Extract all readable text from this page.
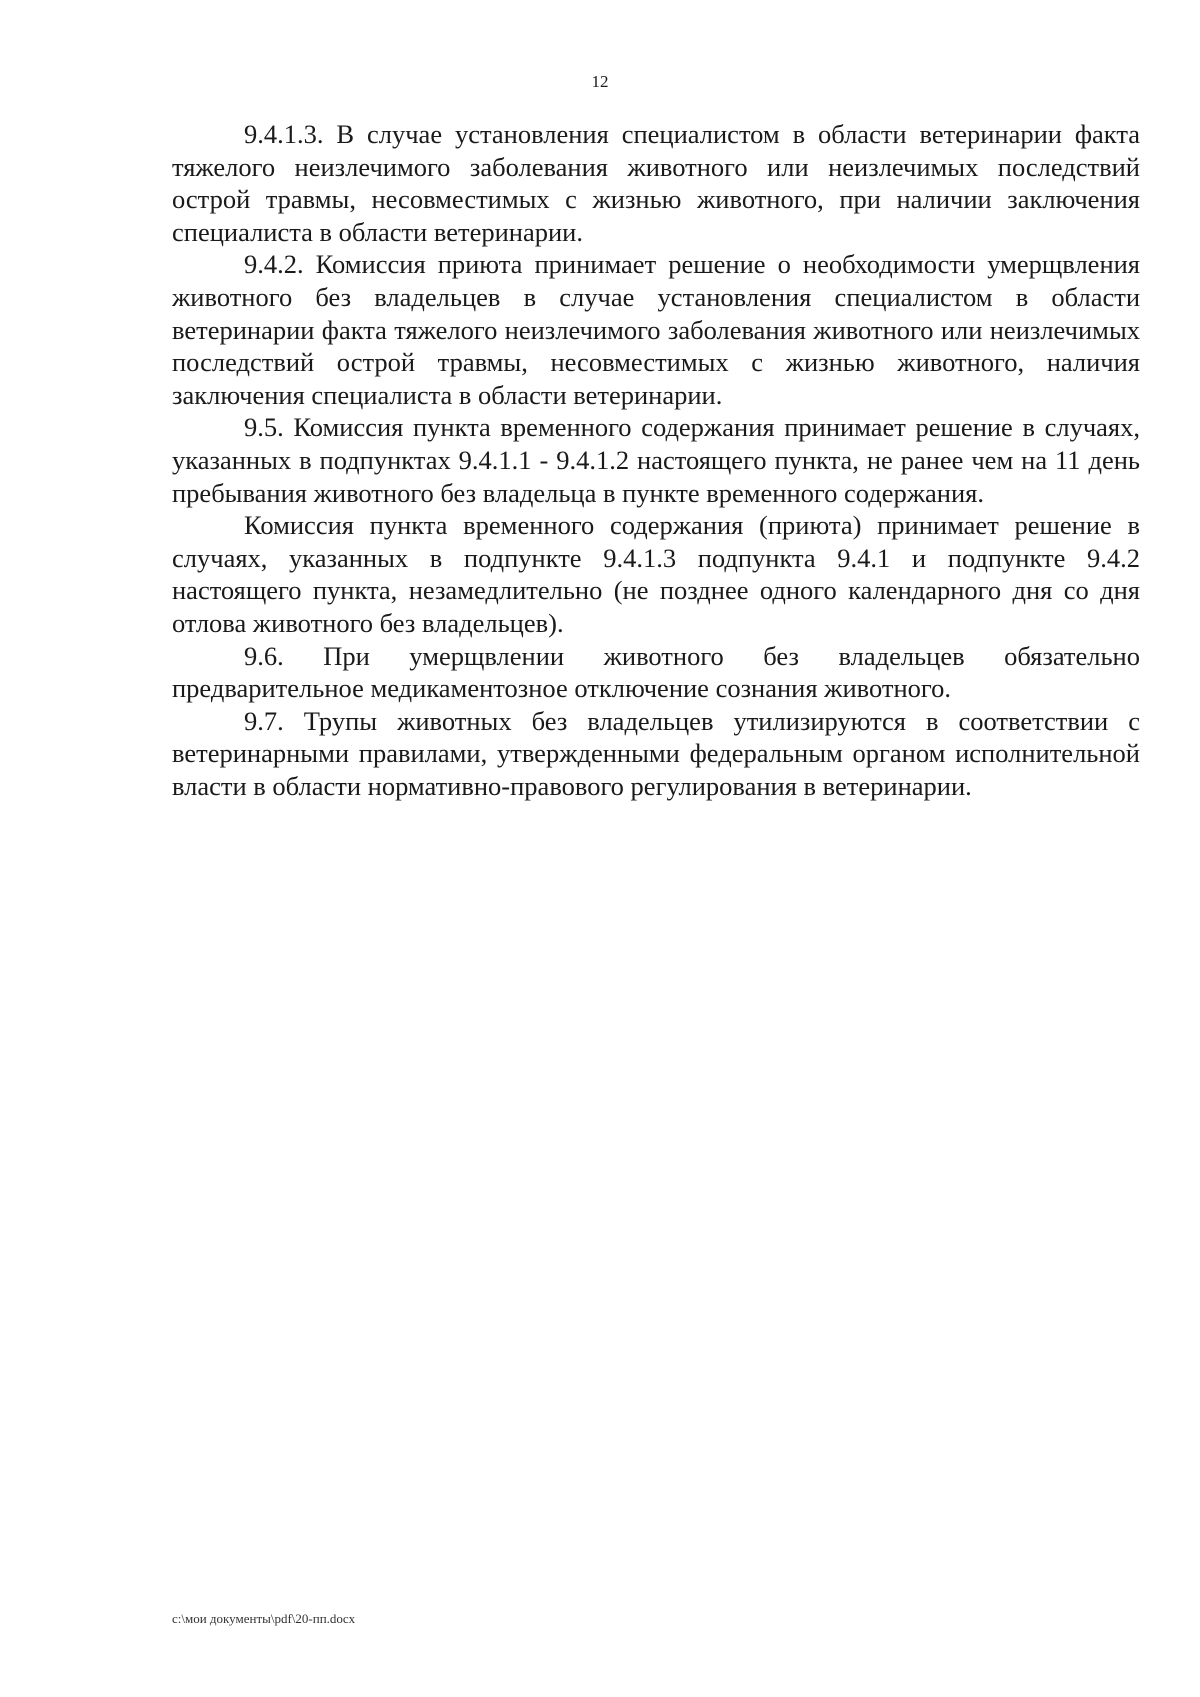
12

9.4.1.3. В случае установления специалистом в области ветеринарии факта тяжелого неизлечимого заболевания животного или неизлечимых последствий острой травмы, несовместимых с жизнью животного, при наличии заключения специалиста в области ветеринарии.

9.4.2. Комиссия приюта принимает решение о необходимости умерщвления животного без владельцев в случае установления специалистом в области ветеринарии факта тяжелого неизлечимого заболевания животного или неизлечимых последствий острой травмы, несовместимых с жизнью животного, наличия заключения специалиста в области ветеринарии.

9.5. Комиссия пункта временного содержания принимает решение в случаях, указанных в подпунктах 9.4.1.1 - 9.4.1.2 настоящего пункта, не ранее чем на 11 день пребывания животного без владельца в пункте временного содержания.

Комиссия пункта временного содержания (приюта) принимает решение в случаях, указанных в подпункте 9.4.1.3 подпункта 9.4.1 и подпункте 9.4.2 настоящего пункта, незамедлительно (не позднее одного календарного дня со дня отлова животного без владельцев).

9.6. При умерщвлении животного без владельцев обязательно предварительное медикаментозное отключение сознания животного.

9.7. Трупы животных без владельцев утилизируются в соответствии с ветеринарными правилами, утвержденными федеральным органом исполнительной власти в области нормативно-правового регулирования в ветеринарии.

c:\мои документы\pdf\20-пп.docx
